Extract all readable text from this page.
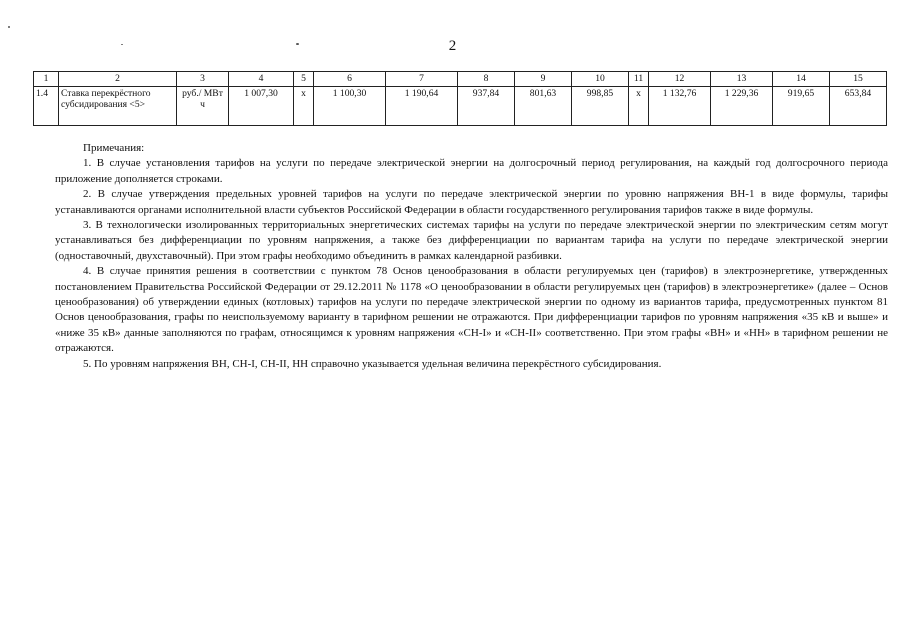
2
1	2	3	4	5	6	7	8	9	10	11	12	13	14	15
1.4	Ставка перекрёстного субсидирования <5>	руб./ МВт ч	1 007,30	x	1 100,30	1 190,64	937,84	801,63	998,85	x	1 132,76	1 229,36	919,65	653,84

Примечания:

1. В случае установления тарифов на услуги по передаче электрической энергии на долгосрочный период регулирования, на каждый год долгосрочного периода приложение дополняется строками.

2. В случае утверждения предельных уровней тарифов на услуги по передаче электрической энергии по уровню напряжения ВН-1 в виде формулы, тарифы устанавливаются органами исполнительной власти субъектов Российской Федерации в области государственного регулирования тарифов также в виде формулы.

3. В технологически изолированных территориальных энергетических системах тарифы на услуги по передаче электрической энергии по электрическим сетям могут устанавливаться без дифференциации по уровням напряжения, а также без дифференциации по вариантам тарифа на услуги по передаче электрической энергии (одноставочный, двухставочный). При этом графы необходимо объединить в рамках календарной разбивки.

4. В случае принятия решения в соответствии с пунктом 78 Основ ценообразования в области регулируемых цен (тарифов) в электроэнергетике, утвержденных постановлением Правительства Российской Федерации от 29.12.2011 № 1178 «О ценообразовании в области регулируемых цен (тарифов) в электроэнергетике» (далее – Основ ценообразования) об утверждении единых (котловых) тарифов на услуги по передаче электрической энергии по одному из вариантов тарифа, предусмотренных пунктом 81 Основ ценообразования, графы по неиспользуемому варианту в тарифном решении не отражаются. При дифференциации тарифов по уровням напряжения «35 кВ и выше» и «ниже 35 кВ» данные заполняются по графам, относящимся к уровням напряжения «СН-I» и «СН-II» соответственно. При этом графы «ВН» и «НН» в тарифном решении не отражаются.

5. По уровням напряжения ВН, СН-I, СН-II, НН справочно указывается удельная величина перекрёстного субсидирования.
